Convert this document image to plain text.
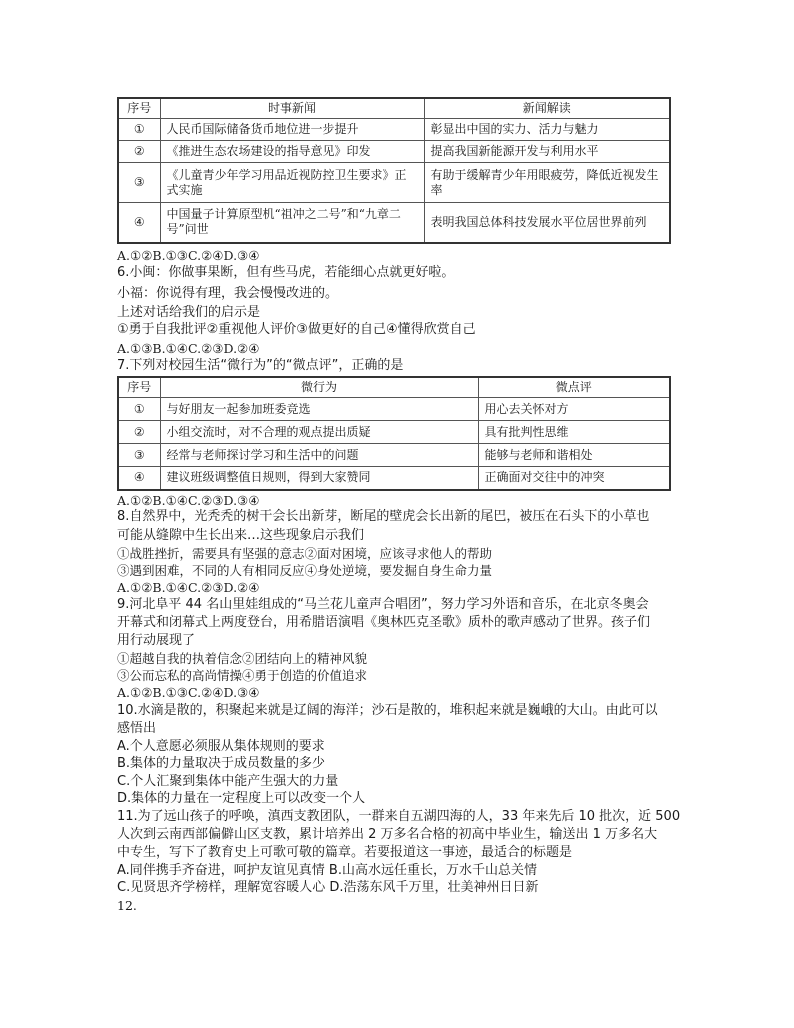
序号	时事新闻	新闻解读
①	人民币国际储备货币地位进一步提升	彰显出中国的实力、活力与魅力
②	《推进生态农场建设的指导意见》印发	提高我国新能源开发与利用水平
③	《儿童青少年学习用品近视防控卫生要求》正式实施	有助于缓解青少年用眼疲劳，降低近视发生率
④	中国量子计算原型机“祖冲之二号”和“九章二号”问世	表明我国总体科技发展水平位居世界前列
A.①②B.①③C.②④D.③④
6.小闽：你做事果断，但有些马虎，若能细心点就更好啦。
小福：你说得有理，我会慢慢改进的。
上述对话给我们的启示是
①勇于自我批评②重视他人评价③做更好的自己④懂得欣赏自己
A.①③B.①④C.②③D.②④
7.下列对校园生活“微行为”的“微点评”，正确的是
序号	微行为	微点评
①	与好朋友一起参加班委竞选	用心去关怀对方
②	小组交流时，对不合理的观点提出质疑	具有批判性思维
③	经常与老师探讨学习和生活中的问题	能够与老师和谐相处
④	建议班级调整值日规则，得到大家赞同	正确面对交往中的冲突
A.①②B.①④C.②③D.③④
8.自然界中，光秃秃的树干会长出新芽，断尾的壁虎会长出新的尾巴，被压在石头下的小草也
可能从缝隙中生长出来…这些现象启示我们
①战胜挫折，需要具有坚强的意志②面对困境，应该寻求他人的帮助
③遇到困难，不同的人有相同反应④身处逆境，要发掘自身生命力量
A.①②B.①④C.②③D.②④
9.河北阜平 44 名山里娃组成的“马兰花儿童声合唱团”，努力学习外语和音乐，在北京冬奥会
开幕式和闭幕式上两度登台，用希腊语演唱《奥林匹克圣歌》质朴的歌声感动了世界。孩子们
用行动展现了
①超越自我的执着信念②团结向上的精神风貌
③公而忘私的高尚情操④勇于创造的价值追求
A.①②B.①③C.②④D.③④
10.水滴是散的，积聚起来就是辽阔的海洋；沙石是散的，堆积起来就是巍峨的大山。由此可以
感悟出
A.个人意愿必须服从集体规则的要求
B.集体的力量取决于成员数量的多少
C.个人汇聚到集体中能产生强大的力量
D.集体的力量在一定程度上可以改变一个人
11.为了远山孩子的呼唤，滇西支教团队，一群来自五湖四海的人，33 年来先后 10 批次，近 500
人次到云南西部偏僻山区支教，累计培养出 2 万多名合格的初高中毕业生，输送出 1 万多名大
中专生，写下了教育史上可歌可敬的篇章。若要报道这一事迹，最适合的标题是
A.同伴携手齐奋进，呵护友谊见真情 B.山高水远任重长，万水千山总关情
C.见贤思齐学榜样，理解宽容暖人心 D.浩荡东风千万里，壮美神州日日新
12.
